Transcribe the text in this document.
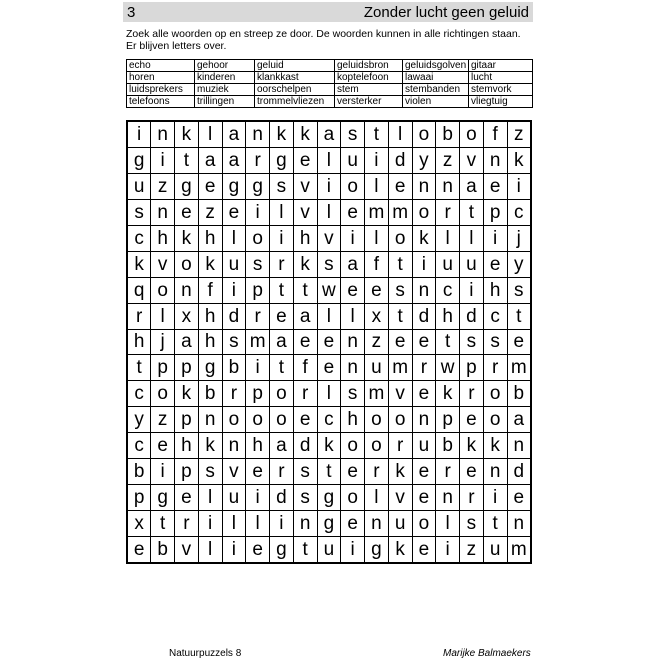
3	Zonder lucht geen geluid
Zoek alle woorden op en streep ze door. De woorden kunnen in alle richtingen staan.
Er blijven letters over.
echo	gehoor	geluid	geluidsbron	geluidsgolven	gitaar
horen	kinderen	klankkast	koptelefoon	lawaai	lucht
luidsprekers	muziek	oorschelpen	stem	stembanden	stemvork
telefoons	trillingen	trommelvliezen	versterker	violen	vliegtuig
i	n	k	l	a	n	k	k	a	s	t	l	o	b	o	f	z
g	i	t	a	a	r	g	e	l	u	i	d	y	z	v	n	k
u	z	g	e	g	g	s	v	i	o	l	e	n	n	a	e	i
s	n	e	z	e	i	l	v	l	e	m	m	o	r	t	p	c
c	h	k	h	l	o	i	h	v	i	l	o	k	l	l	i	j
k	v	o	k	u	s	r	k	s	a	f	t	i	u	u	e	y
q	o	n	f	i	p	t	t	w	e	e	s	n	c	i	h	s
r	l	x	h	d	r	e	a	l	l	x	t	d	h	d	c	t
h	j	a	h	s	m	a	e	e	n	z	e	e	t	s	s	e
t	p	p	g	b	i	t	f	e	n	u	m	r	w	p	r	m
c	o	k	b	r	p	o	r	l	s	m	v	e	k	r	o	b
y	z	p	n	o	o	o	e	c	h	o	o	n	p	e	o	a
c	e	h	k	n	h	a	d	k	o	o	r	u	b	k	k	n
b	i	p	s	v	e	r	s	t	e	r	k	e	r	e	n	d
p	g	e	l	u	i	d	s	g	o	l	v	e	n	r	i	e
x	t	r	i	l	l	i	n	g	e	n	u	o	l	s	t	n
e	b	v	l	i	e	g	t	u	i	g	k	e	i	z	u	m
Natuurpuzzels 8	Marijke Balmaekers
